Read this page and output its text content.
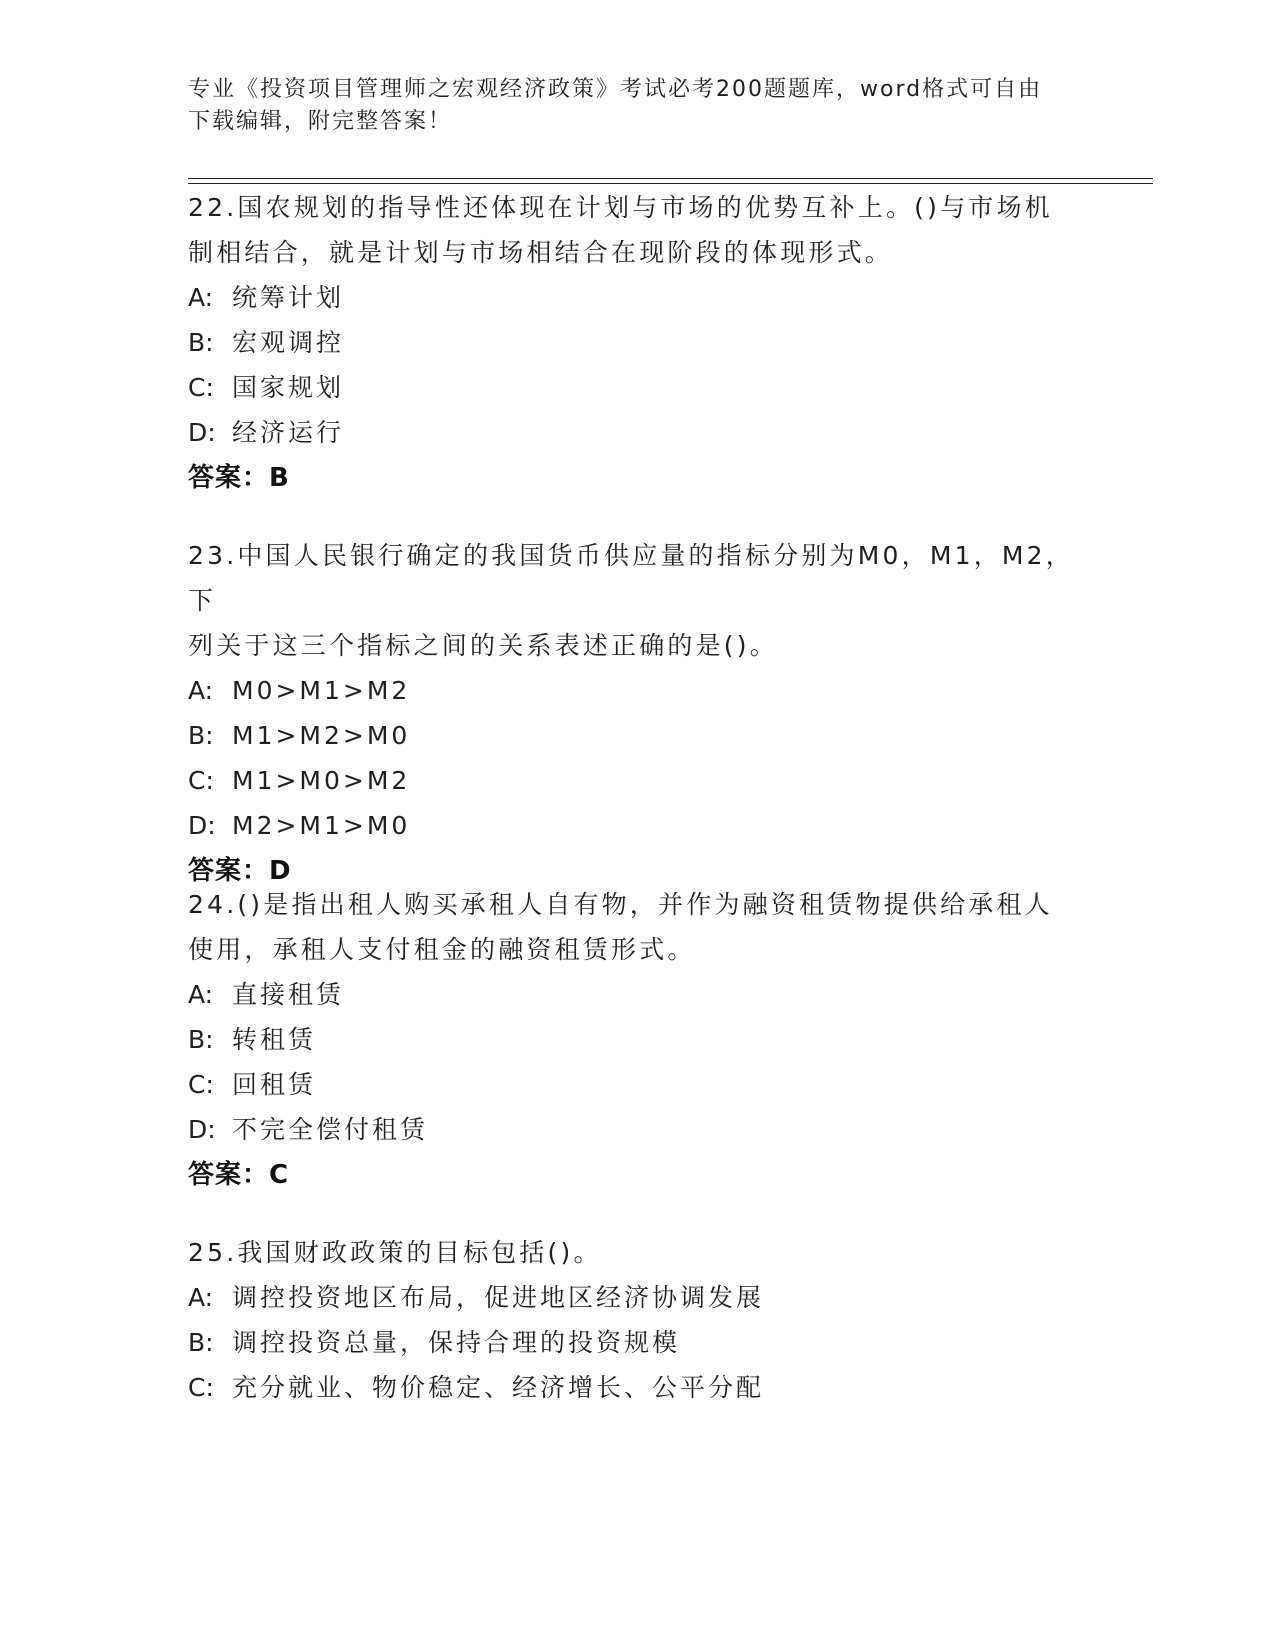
专业《投资项目管理师之宏观经济政策》考试必考200题题库，word格式可自由
下载编辑，附完整答案！
22.国农规划的指导性还体现在计划与市场的优势互补上。()与市场机
制相结合，就是计划与市场相结合在现阶段的体现形式。
A: 统筹计划
B: 宏观调控
C: 国家规划
D: 经济运行
答案：B
23.中国人民银行确定的我国货币供应量的指标分别为M0，M1，M2，下
列关于这三个指标之间的关系表述正确的是()。
A: M0>M1>M2
B: M1>M2>M0
C: M1>M0>M2
D: M2>M1>M0
答案：D
24.()是指出租人购买承租人自有物，并作为融资租赁物提供给承租人
使用，承租人支付租金的融资租赁形式。
A: 直接租赁
B: 转租赁
C: 回租赁
D: 不完全偿付租赁
答案：C
25.我国财政政策的目标包括()。
A: 调控投资地区布局，促进地区经济协调发展
B: 调控投资总量，保持合理的投资规模
C: 充分就业、物价稳定、经济增长、公平分配
